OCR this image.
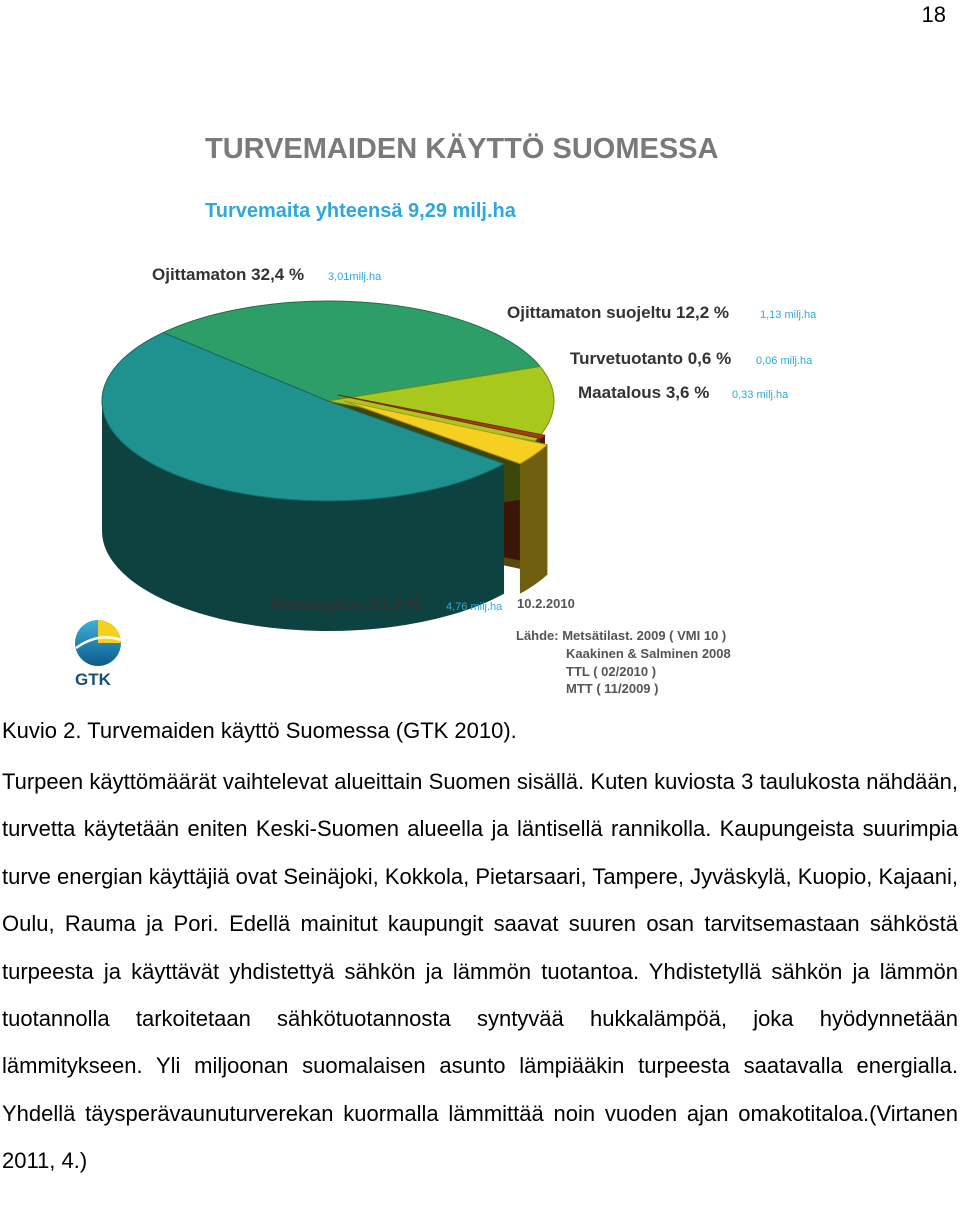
18
TURVEMAIDEN KÄYTTÖ SUOMESSA
Turvemaita yhteensä 9,29 milj.ha
Ojittamaton 32,4 % 3,01milj.ha
Ojittamaton suojeltu 12,2 %	1,13 milj.ha
Turvetuotanto 0,6 % 0,06 milj.ha
Maatalous 3,6 % 0,33 milj.ha
Metsäojitus 51,2 % 4,76 milj.ha 10.2.2010
Lähde: Metsätilast. 2009 ( VMI 10 )
Kaakinen & Salminen 2008
TTL ( 02/2010 )
MTT ( 11/2009 )
GTK
Kuvio 2. Turvemaiden käyttö Suomessa (GTK 2010).
Turpeen käyttömäärät vaihtelevat alueittain Suomen sisällä. Kuten kuviosta 3 taulukosta nähdään, turvetta käytetään eniten Keski-Suomen alueella ja läntisellä rannikolla. Kaupungeista suurimpia turve energian käyttäjiä ovat Seinäjoki, Kokkola, Pietarsaari, Tampere, Jyväskylä, Kuopio, Kajaani, Oulu, Rauma ja Pori. Edellä mainitut kaupungit saavat suuren osan tarvitsemastaan sähköstä turpeesta ja käyttävät yhdistettyä sähkön ja lämmön tuotantoa. Yhdistetyllä sähkön ja lämmön tuotannolla tarkoitetaan sähkötuotannosta syntyvää hukkalämpöä, joka hyödynnetään lämmitykseen. Yli miljoonan suomalaisen asunto lämpiääkin turpeesta saatavalla energialla. Yhdellä täysperävaunuturverekan kuormalla lämmittää noin vuoden ajan omakotitaloa.(Virtanen 2011, 4.)
